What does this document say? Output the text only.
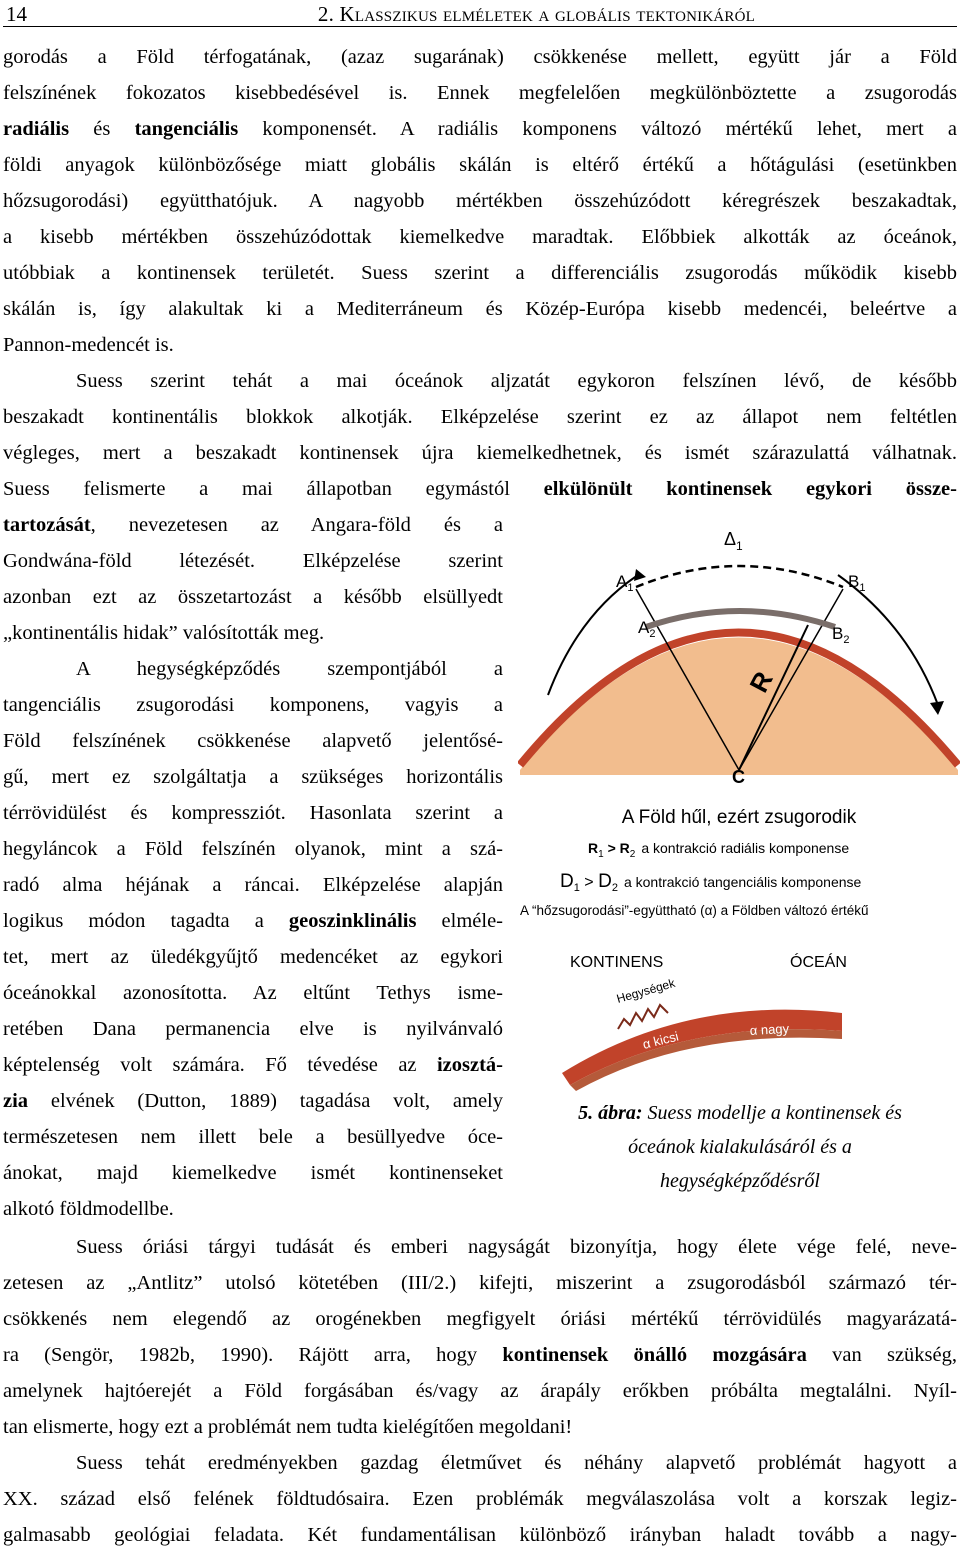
14	2. Klasszikus elméletek a globális tektonikáról
gorodás a Föld térfogatának, (azaz sugarának) csökkenése mellett, együtt jár a Föld
felszínének fokozatos kisebbedésével is. Ennek megfelelően megkülönböztette a zsugorodás
radiális és tangenciális komponensét. A radiális komponens változó mértékű lehet, mert a
földi anyagok különbözősége miatt globális skálán is eltérő értékű a hőtágulási (esetünkben
hőzsugorodási) együtthatójuk. A nagyobb mértékben összehúzódott kéregrészek beszakadtak,
a kisebb mértékben összehúzódottak kiemelkedve maradtak. Előbbiek alkották az óceánok,
utóbbiak a kontinensek területét. Suess szerint a differenciális zsugorodás működik kisebb
skálán is, így alakultak ki a Mediterráneum és Közép-Európa kisebb medencéi, beleértve a
Pannon-medencét is.
Suess szerint tehát a mai óceánok aljzatát egykoron felszínen lévő, de később
beszakadt kontinentális blokkok alkotják. Elképzelése szerint ez az állapot nem feltétlen
végleges, mert a beszakadt kontinensek újra kiemelkedhetnek, és ismét szárazulattá válhatnak.
Suess felismerte a mai állapotban egymástól elkülönült kontinensek egykori össze-
tartozását, nevezetesen az Angara-föld és a
Gondwána-föld létezését. Elképzelése szerint
azonban ezt az összetartozást a később elsüllyedt
„kontinentális hidak” valósították meg.
A hegységképződés szempontjából a
tangenciális zsugorodási komponens, vagyis a
Föld felszínének csökkenése alapvető jelentősé-
gű, mert ez szolgáltatja a szükséges horizontális
térrövidülést és kompressziót. Hasonlata szerint a
hegyláncok a Föld felszínén olyanok, mint a szá-
radó alma héjának a ráncai. Elképzelése alapján
logikus módon tagadta a geoszinklinális elméle-
tet, mert az üledékgyűjtő medencéket az egykori
óceánokkal azonosította. Az eltűnt Tethys isme-
retében Dana permanencia elve is nyilvánvaló
képtelenség volt számára. Fő tévedése az izosztá-
zia elvének (Dutton, 1889) tagadása volt, amely
természetesen nem illett bele a besüllyedve óce-
ánokat, majd kiemelkedve ismét kontinenseket
alkotó földmodellbe.
$\Delta_1$
$A_1$	$B_1$
$A_2$	$B_2$
R
C
A Föld hűl, ezért zsugorodik
$R_1 > R_2$ a kontrakció radiális komponense
$D_1 > D_2$ a kontrakció tangenciális komponense
A “hőzsugorodási”-együttható (α) a Földben változó értékű
KONTINENS	ÓCEÁN
Hegységek
α kicsi	α nagy
5. ábra: Suess modellje a kontinensek és
óceánok kialakulásáról és a
hegységképződésről
Suess óriási tárgyi tudását és emberi nagyságát bizonyítja, hogy élete vége felé, neve-
zetesen az „Antlitz” utolsó kötetében (III/2.) kifejti, miszerint a zsugorodásból származó tér-
csökkenés nem elegendő az orogénekben megfigyelt óriási mértékű térrövidülés magyarázatá-
ra (Sengör, 1982b, 1990). Rájött arra, hogy kontinensek önálló mozgására van szükség,
amelynek hajtóerejét a Föld forgásában és/vagy az árapály erőkben próbálta megtalálni. Nyíl-
tan elismerte, hogy ezt a problémát nem tudta kielégítően megoldani!
Suess tehát eredményekben gazdag életművet és néhány alapvető problémát hagyott a
XX. század első felének földtudósaira. Ezen problémák megválaszolása volt a korszak legiz-
galmasabb geológiai feladata. Két fundamentálisan különböző irányban haladt tovább a nagy-
